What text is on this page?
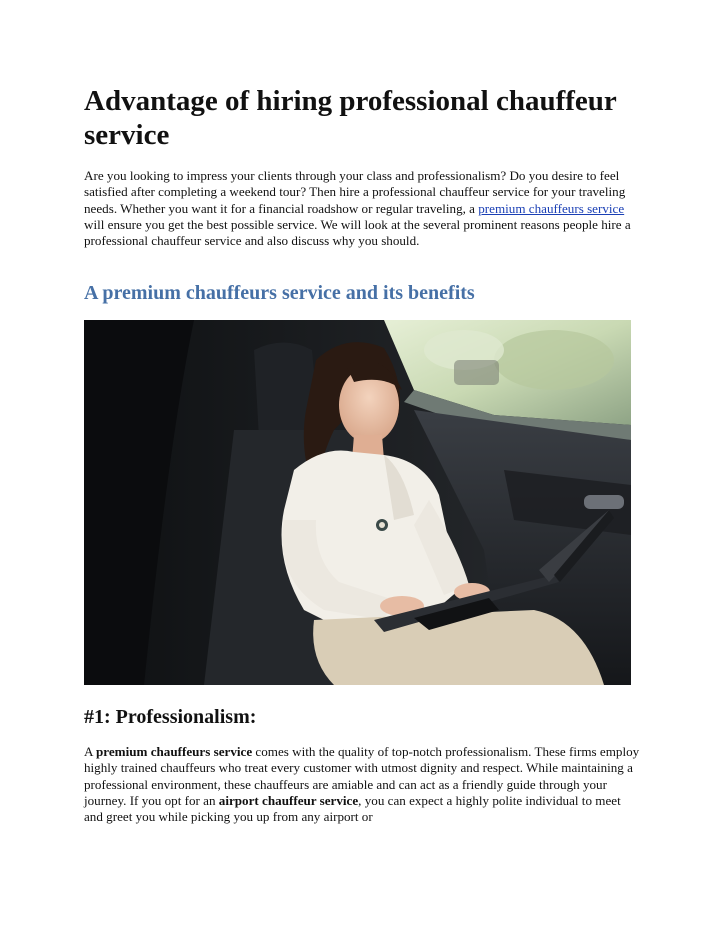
Advantage of hiring professional chauffeur service

Are you looking to impress your clients through your class and professionalism? Do you desire to feel satisfied after completing a weekend tour? Then hire a professional chauffeur service for your traveling needs. Whether you want it for a financial roadshow or regular traveling, a premium chauffeurs service will ensure you get the best possible service. We will look at the several prominent reasons people hire a professional chauffeur service and also discuss why you should.

A premium chauffeurs service and its benefits
#1: Professionalism:

A premium chauffeurs service comes with the quality of top-notch professionalism. These firms employ highly trained chauffeurs who treat every customer with utmost dignity and respect. While maintaining a professional environment, these chauffeurs are amiable and can act as a friendly guide through your journey. If you opt for an airport chauffeur service, you can expect a highly polite individual to meet and greet you while picking you up from any airport or
